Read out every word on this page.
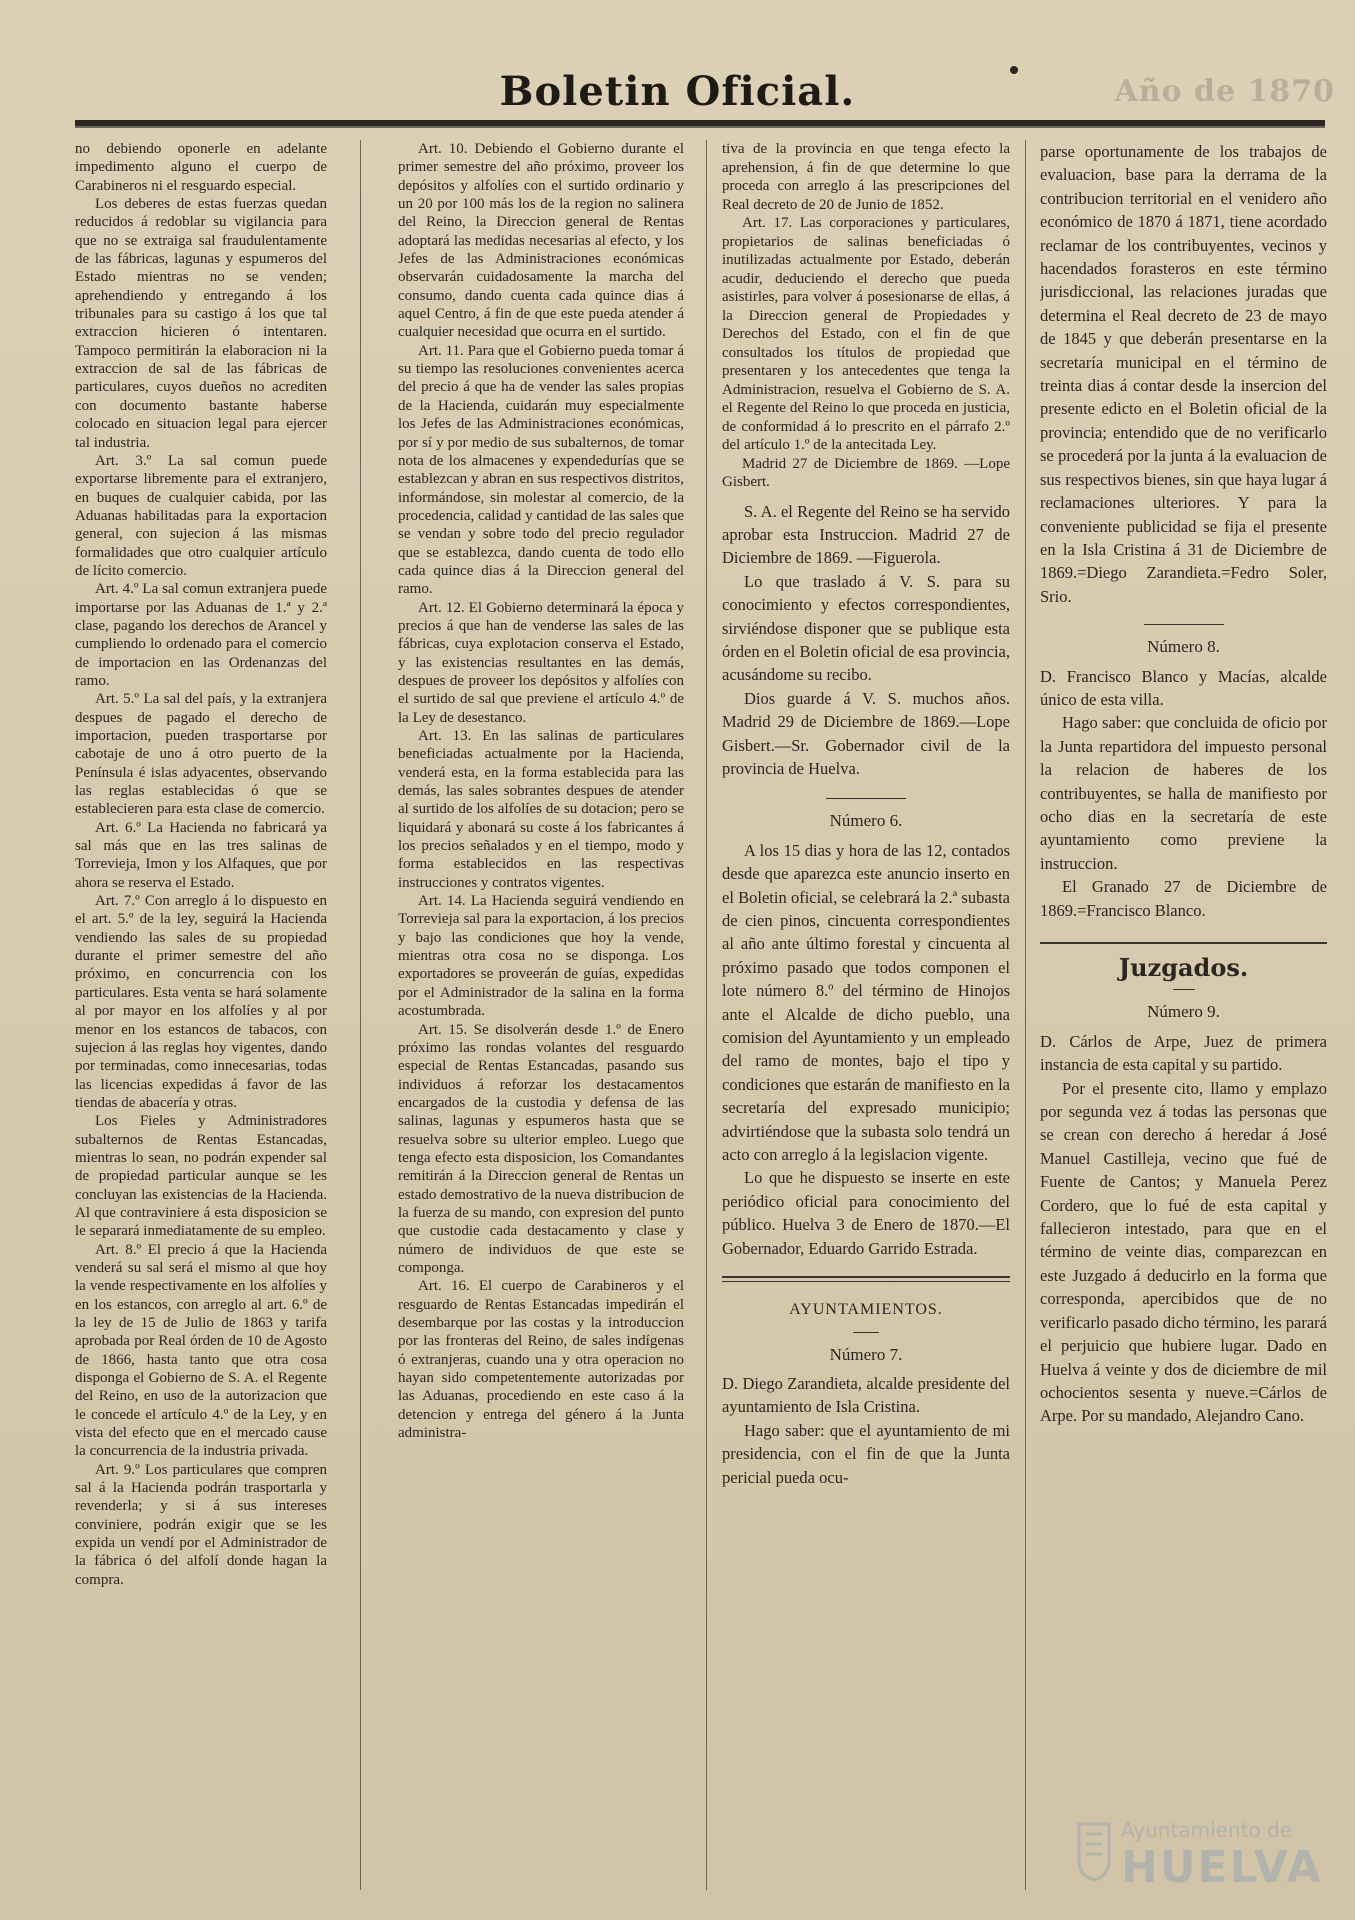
Boletin Oficial.	Año de 1870

no debiendo oponerle en adelante impedimento alguno el cuerpo de Carabineros ni el resguardo especial.

Los deberes de estas fuerzas quedan reducidos á redoblar su vigilancia para que no se extraiga sal fraudulentamente de las fábricas, lagunas y espumeros del Estado mientras no se venden; aprehendiendo y entregando á los tribunales para su castigo á los que tal extraccion hicieren ó intentaren. Tampoco permitirán la elaboracion ni la extraccion de sal de las fábricas de particulares, cuyos dueños no acrediten con documento bastante haberse colocado en situacion legal para ejercer tal industria.

Art. 3.º La sal comun puede exportarse libremente para el extranjero, en buques de cualquier cabida, por las Aduanas habilitadas para la exportacion general, con sujecion á las mismas formalidades que otro cualquier artículo de lícito comercio.

Art. 4.º La sal comun extranjera puede importarse por las Aduanas de 1.ª y 2.ª clase, pagando los derechos de Arancel y cumpliendo lo ordenado para el comercio de importacion en las Ordenanzas del ramo.

Art. 5.º La sal del país, y la extranjera despues de pagado el derecho de importacion, pueden trasportarse por cabotaje de uno á otro puerto de la Península é islas adyacentes, observando las reglas establecidas ó que se establecieren para esta clase de comercio.

Art. 6.º La Hacienda no fabricará ya sal más que en las tres salinas de Torrevieja, Imon y los Alfaques, que por ahora se reserva el Estado.

Art. 7.º Con arreglo á lo dispuesto en el art. 5.º de la ley, seguirá la Hacienda vendiendo las sales de su propiedad durante el primer semestre del año próximo, en concurrencia con los particulares. Esta venta se hará solamente al por mayor en los alfolíes y al por menor en los estancos de tabacos, con sujecion á las reglas hoy vigentes, dando por terminadas, como innecesarias, todas las licencias expedidas á favor de las tiendas de abacería y otras.

Los Fieles y Administradores subalternos de Rentas Estancadas, mientras lo sean, no podrán expender sal de propiedad particular aunque se les concluyan las existencias de la Hacienda. Al que contraviniere á esta disposicion se le separará inmediatamente de su empleo.

Art. 8.º El precio á que la Hacienda venderá su sal será el mismo al que hoy la vende respectivamente en los alfolíes y en los estancos, con arreglo al art. 6.º de la ley de 15 de Julio de 1863 y tarifa aprobada por Real órden de 10 de Agosto de 1866, hasta tanto que otra cosa disponga el Gobierno de S. A. el Regente del Reino, en uso de la autorizacion que le concede el artículo 4.º de la Ley, y en vista del efecto que en el mercado cause la concurrencia de la industria privada.

Art. 9.º Los particulares que compren sal á la Hacienda podrán trasportarla y revenderla; y si á sus intereses conviniere, podrán exigir que se les expida un vendí por el Administrador de la fábrica ó del alfolí donde hagan la compra.

Art. 10. Debiendo el Gobierno durante el primer semestre del año próximo, proveer los depósitos y alfolíes con el surtido ordinario y un 20 por 100 más los de la region no salinera del Reino, la Direccion general de Rentas adoptará las medidas necesarias al efecto, y los Jefes de las Administraciones económicas observarán cuidadosamente la marcha del consumo, dando cuenta cada quince dias á aquel Centro, á fin de que este pueda atender á cualquier necesidad que ocurra en el surtido.

Art. 11. Para que el Gobierno pueda tomar á su tiempo las resoluciones convenientes acerca del precio á que ha de vender las sales propias de la Hacienda, cuidarán muy especialmente los Jefes de las Administraciones económicas, por sí y por medio de sus subalternos, de tomar nota de los almacenes y expendedurías que se establezcan y abran en sus respectivos distritos, informándose, sin molestar al comercio, de la procedencia, calidad y cantidad de las sales que se vendan y sobre todo del precio regulador que se establezca, dando cuenta de todo ello cada quince dias á la Direccion general del ramo.

Art. 12. El Gobierno determinará la época y precios á que han de venderse las sales de las fábricas, cuya explotacion conserva el Estado, y las existencias resultantes en las demás, despues de proveer los depósitos y alfolíes con el surtido de sal que previene el artículo 4.º de la Ley de desestanco.

Art. 13. En las salinas de particulares beneficiadas actualmente por la Hacienda, venderá esta, en la forma establecida para las demás, las sales sobrantes despues de atender al surtido de los alfolíes de su dotacion; pero se liquidará y abonará su coste á los fabricantes á los precios señalados y en el tiempo, modo y forma establecidos en las respectivas instrucciones y contratos vigentes.

Art. 14. La Hacienda seguirá vendiendo en Torrevieja sal para la exportacion, á los precios y bajo las condiciones que hoy la vende, mientras otra cosa no se disponga. Los exportadores se proveerán de guías, expedidas por el Administrador de la salina en la forma acostumbrada.

Art. 15. Se disolverán desde 1.º de Enero próximo las rondas volantes del resguardo especial de Rentas Estancadas, pasando sus individuos á reforzar los destacamentos encargados de la custodia y defensa de las salinas, lagunas y espumeros hasta que se resuelva sobre su ulterior empleo. Luego que tenga efecto esta disposicion, los Comandantes remitirán á la Direccion general de Rentas un estado demostrativo de la nueva distribucion de la fuerza de su mando, con expresion del punto que custodie cada destacamento y clase y número de individuos de que este se componga.

Art. 16. El cuerpo de Carabineros y el resguardo de Rentas Estancadas impedirán el desembarque por las costas y la introduccion por las fronteras del Reino, de sales indígenas ó extranjeras, cuando una y otra operacion no hayan sido competentemente autorizadas por las Aduanas, procediendo en este caso á la detencion y entrega del género á la Junta administra-

tiva de la provincia en que tenga efecto la aprehension, á fin de que determine lo que proceda con arreglo á las prescripciones del Real decreto de 20 de Junio de 1852.

Art. 17. Las corporaciones y particulares, propietarios de salinas beneficiadas ó inutilizadas actualmente por Estado, deberán acudir, deduciendo el derecho que pueda asistirles, para volver á posesionarse de ellas, á la Direccion general de Propiedades y Derechos del Estado, con el fin de que consultados los títulos de propiedad que presentaren y los antecedentes que tenga la Administracion, resuelva el Gobierno de S. A. el Regente del Reino lo que proceda en justicia, de conformidad á lo prescrito en el párrafo 2.º del artículo 1.º de la antecitada Ley.

Madrid 27 de Diciembre de 1869. —Lope Gisbert.

S. A. el Regente del Reino se ha servido aprobar esta Instruccion. Madrid 27 de Diciembre de 1869. —Figuerola.

Lo que traslado á V. S. para su conocimiento y efectos correspondientes, sirviéndose disponer que se publique esta órden en el Boletin oficial de esa provincia, acusándome su recibo.

Dios guarde á V. S. muchos años. Madrid 29 de Diciembre de 1869.—Lope Gisbert.—Sr. Gobernador civil de la provincia de Huelva.

Número 6.

A los 15 dias y hora de las 12, contados desde que aparezca este anuncio inserto en el Boletin oficial, se celebrará la 2.ª subasta de cien pinos, cincuenta correspondientes al año ante último forestal y cincuenta al próximo pasado que todos componen el lote número 8.º del término de Hinojos ante el Alcalde de dicho pueblo, una comision del Ayuntamiento y un empleado del ramo de montes, bajo el tipo y condiciones que estarán de manifiesto en la secretaría del expresado municipio; advirtiéndose que la subasta solo tendrá un acto con arreglo á la legislacion vigente.

Lo que he dispuesto se inserte en este periódico oficial para conocimiento del público. Huelva 3 de Enero de 1870.—El Gobernador, Eduardo Garrido Estrada.

AYUNTAMIENTOS.

Número 7.

D. Diego Zarandieta, alcalde presidente del ayuntamiento de Isla Cristina.

Hago saber: que el ayuntamiento de mi presidencia, con el fin de que la Junta pericial pueda ocu-

parse oportunamente de los trabajos de evaluacion, base para la derrama de la contribucion territorial en el venidero año económico de 1870 á 1871, tiene acordado reclamar de los contribuyentes, vecinos y hacendados forasteros en este término jurisdiccional, las relaciones juradas que determina el Real decreto de 23 de mayo de 1845 y que deberán presentarse en la secretaría municipal en el término de treinta dias á contar desde la insercion del presente edicto en el Boletin oficial de la provincia; entendido que de no verificarlo se procederá por la junta á la evaluacion de sus respectivos bienes, sin que haya lugar á reclamaciones ulteriores. Y para la conveniente publicidad se fija el presente en la Isla Cristina á 31 de Diciembre de 1869.=Diego Zarandieta.=Fedro Soler, Srio.

Número 8.

D. Francisco Blanco y Macías, alcalde único de esta villa.

Hago saber: que concluida de oficio por la Junta repartidora del impuesto personal la relacion de haberes de los contribuyentes, se halla de manifiesto por ocho dias en la secretaría de este ayuntamiento como previene la instruccion.

El Granado 27 de Diciembre de 1869.=Francisco Blanco.

Juzgados.

Número 9.

D. Cárlos de Arpe, Juez de primera instancia de esta capital y su partido.

Por el presente cito, llamo y emplazo por segunda vez á todas las personas que se crean con derecho á heredar á José Manuel Castilleja, vecino que fué de Fuente de Cantos; y Manuela Perez Cordero, que lo fué de esta capital y fallecieron intestado, para que en el término de veinte dias, comparezcan en este Juzgado á deducirlo en la forma que corresponda, apercibidos que de no verificarlo pasado dicho término, les parará el perjuicio que hubiere lugar. Dado en Huelva á veinte y dos de diciembre de mil ochocientos sesenta y nueve.=Cárlos de Arpe. Por su mandado, Alejandro Cano.

Ayuntamiento de
HUELVA
